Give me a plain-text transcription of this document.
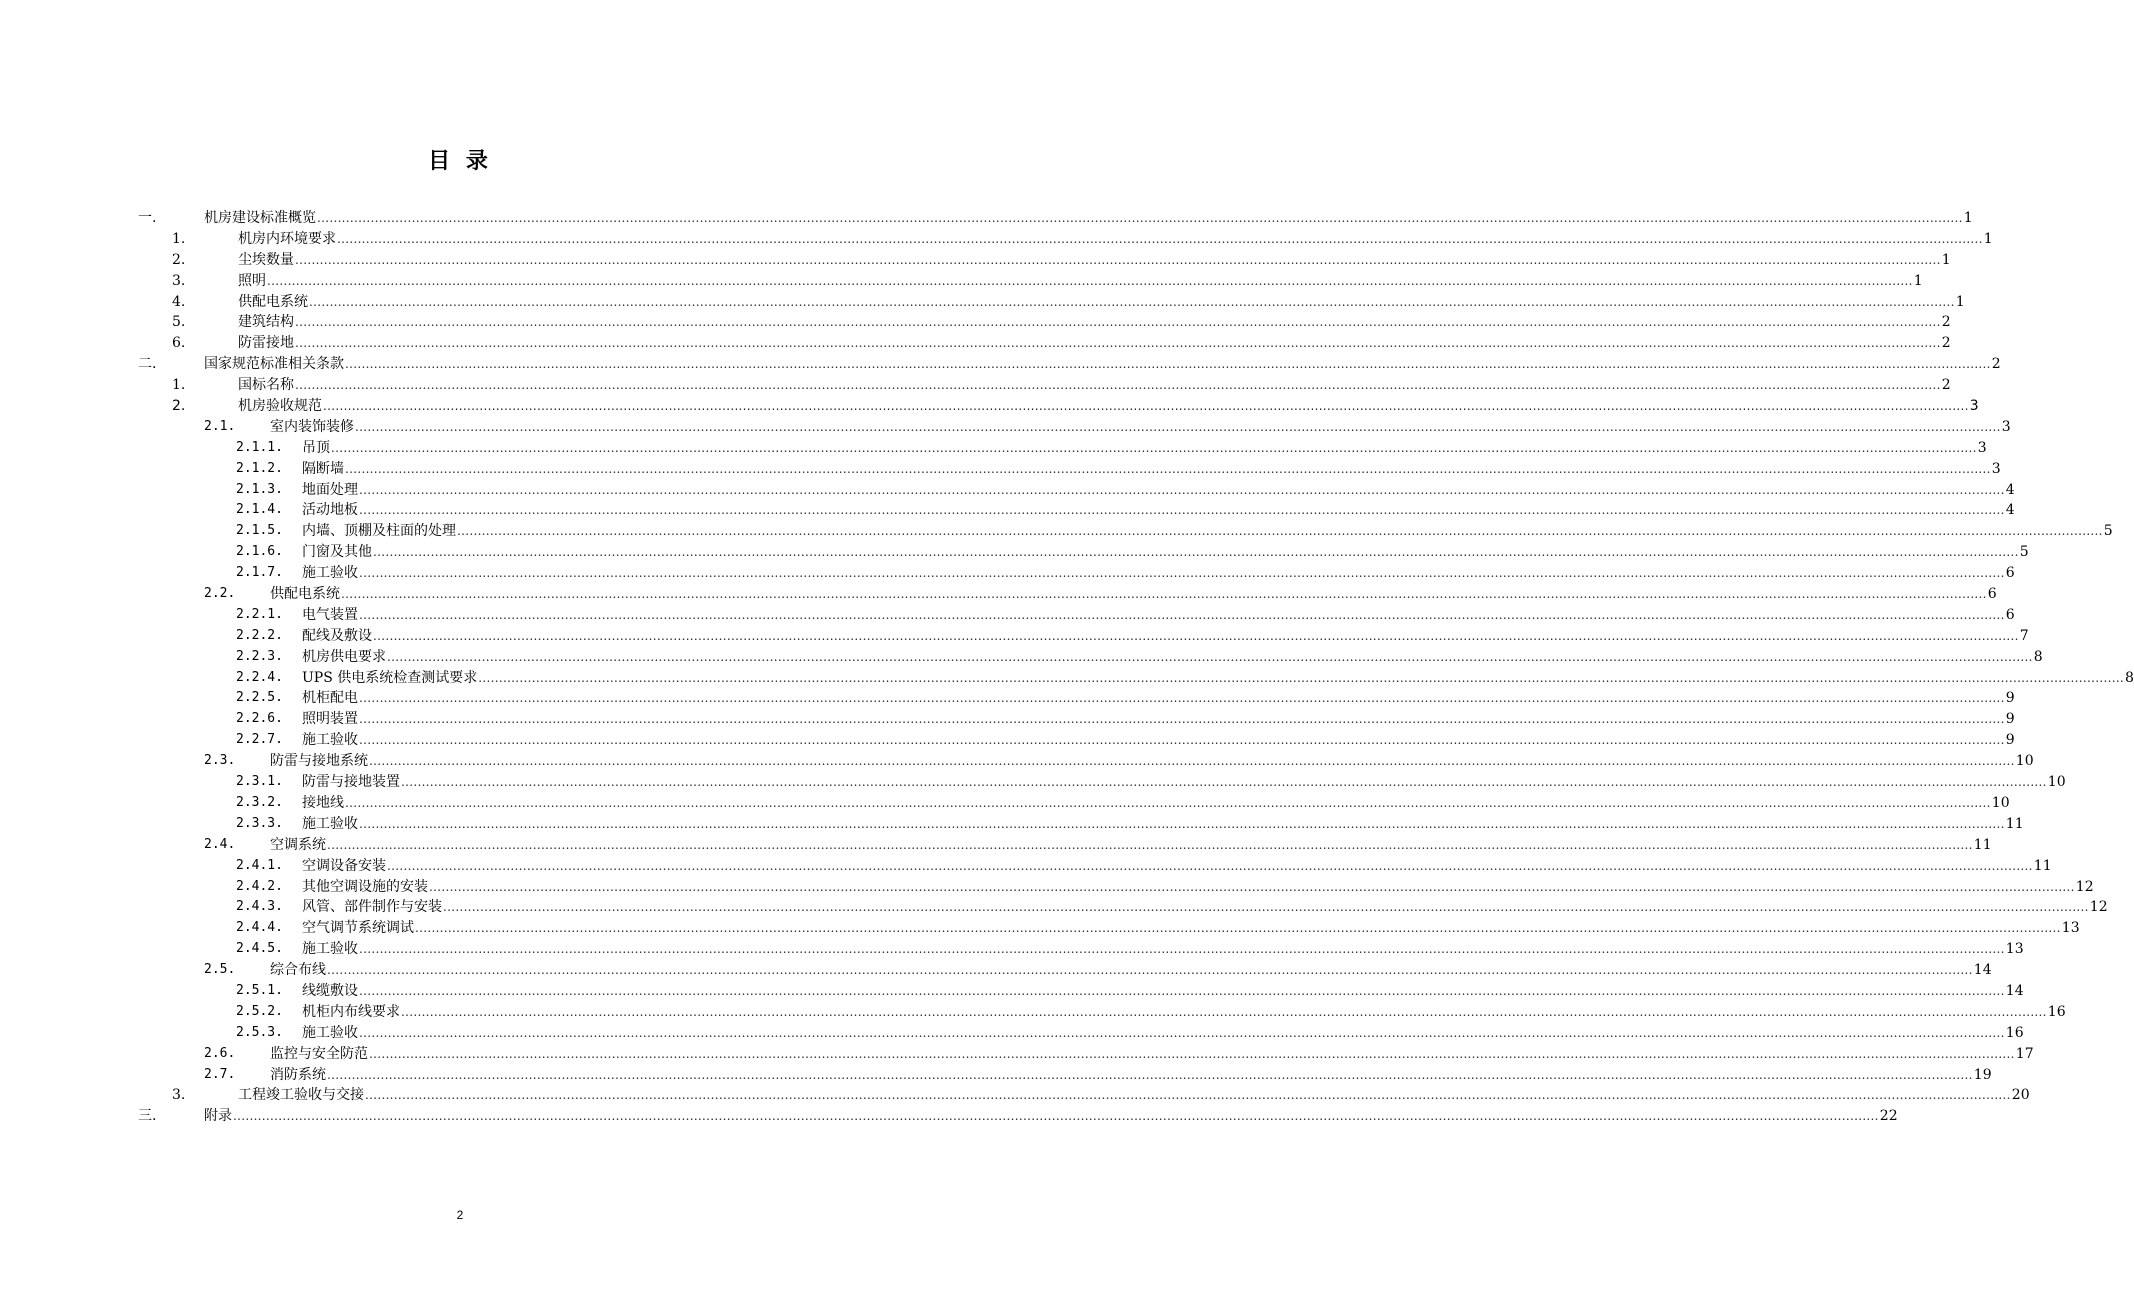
目 录
一.	机房建设标准概览 ................................................................................................................................................................................................................................................................................................................................................................................................................ 1
1.	机房内环境要求 ................................................................................................................................................................................................................................................................................................................................................................................................................ 1
2.	尘埃数量 ................................................................................................................................................................................................................................................................................................................................................................................................................ 1
3.	照明 ................................................................................................................................................................................................................................................................................................................................................................................................................ 1
4.	供配电系统 ................................................................................................................................................................................................................................................................................................................................................................................................................ 1
5.	建筑结构 ................................................................................................................................................................................................................................................................................................................................................................................................................ 2
6.	防雷接地 ................................................................................................................................................................................................................................................................................................................................................................................................................ 2
二.	国家规范标准相关条款 ................................................................................................................................................................................................................................................................................................................................................................................................................ 2
1.	国标名称 ................................................................................................................................................................................................................................................................................................................................................................................................................ 2
2.	机房验收规范 ................................................................................................................................................................................................................................................................................................................................................................................................................ 3
2.1. 室内装饰装修 ................................................................................................................................................................................................................................................................................................................................................................................................................ 3
2.1.1. 吊顶 ................................................................................................................................................................................................................................................................................................................................................................................................................ 3
2.1.2. 隔断墙 ................................................................................................................................................................................................................................................................................................................................................................................................................ 3
2.1.3. 地面处理 ................................................................................................................................................................................................................................................................................................................................................................................................................ 4
2.1.4. 活动地板 ................................................................................................................................................................................................................................................................................................................................................................................................................ 4
2.1.5. 内墙、顶棚及柱面的处理 ................................................................................................................................................................................................................................................................................................................................................................................................................ 5
2.1.6. 门窗及其他 ................................................................................................................................................................................................................................................................................................................................................................................................................ 5
2.1.7. 施工验收 ................................................................................................................................................................................................................................................................................................................................................................................................................ 6
2.2. 供配电系统 ................................................................................................................................................................................................................................................................................................................................................................................................................ 6
2.2.1. 电气装置 ................................................................................................................................................................................................................................................................................................................................................................................................................ 6
2.2.2. 配线及敷设 ................................................................................................................................................................................................................................................................................................................................................................................................................ 7
2.2.3. 机房供电要求 ................................................................................................................................................................................................................................................................................................................................................................................................................ 8
2.2.4. UPS 供电系统检查测试要求 ................................................................................................................................................................................................................................................................................................................................................................................................................ 8
2.2.5. 机柜配电 ................................................................................................................................................................................................................................................................................................................................................................................................................ 9
2.2.6. 照明装置 ................................................................................................................................................................................................................................................................................................................................................................................................................ 9
2.2.7. 施工验收 ................................................................................................................................................................................................................................................................................................................................................................................................................ 9
2.3. 防雷与接地系统 ................................................................................................................................................................................................................................................................................................................................................................................................................ 10
2.3.1. 防雷与接地装置 ................................................................................................................................................................................................................................................................................................................................................................................................................ 10
2.3.2. 接地线 ................................................................................................................................................................................................................................................................................................................................................................................................................ 10
2.3.3. 施工验收 ................................................................................................................................................................................................................................................................................................................................................................................................................ 11
2.4. 空调系统 ................................................................................................................................................................................................................................................................................................................................................................................................................ 11
2.4.1. 空调设备安装 ................................................................................................................................................................................................................................................................................................................................................................................................................ 11
2.4.2. 其他空调设施的安装 ................................................................................................................................................................................................................................................................................................................................................................................................................ 12
2.4.3. 风管、部件制作与安装 ................................................................................................................................................................................................................................................................................................................................................................................................................ 12
2.4.4. 空气调节系统调试 ................................................................................................................................................................................................................................................................................................................................................................................................................ 13
2.4.5. 施工验收 ................................................................................................................................................................................................................................................................................................................................................................................................................ 13
2.5. 综合布线 ................................................................................................................................................................................................................................................................................................................................................................................................................ 14
2.5.1. 线缆敷设 ................................................................................................................................................................................................................................................................................................................................................................................................................ 14
2.5.2. 机柜内布线要求 ................................................................................................................................................................................................................................................................................................................................................................................................................ 16
2.5.3. 施工验收 ................................................................................................................................................................................................................................................................................................................................................................................................................ 16
2.6. 监控与安全防范 ................................................................................................................................................................................................................................................................................................................................................................................................................ 17
2.7. 消防系统 ................................................................................................................................................................................................................................................................................................................................................................................................................ 19
3.	工程竣工验收与交接 ................................................................................................................................................................................................................................................................................................................................................................................................................ 20
三.	附录 ................................................................................................................................................................................................................................................................................................................................................................................................................ 22
2
